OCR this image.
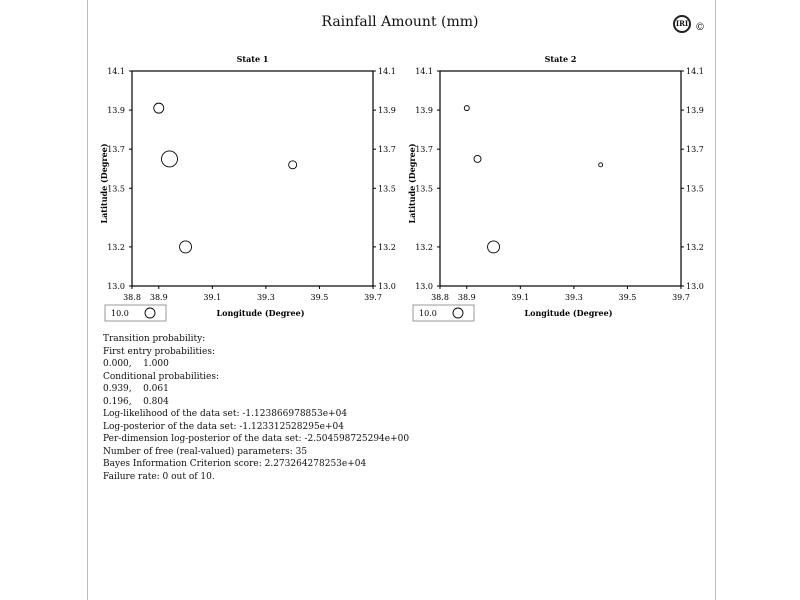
Rainfall Amount (mm)	IRI ©
State 1
13.0	13.0
13.2	13.2
13.5	13.5
13.7	13.7
13.9	13.9
14.1	14.1
38.8 38.9	39.1	39.3	39.5	39.7
Longitude (Degree)
Latitude (Degree)
10.0
State 2
13.0	13.0
13.2	13.2
13.5	13.5
13.7	13.7
13.9	13.9
14.1	14.1
38.8 38.9	39.1	39.3	39.5	39.7
Longitude (Degree)
Latitude (Degree)
10.0
Transition probability:
First entry probabilities:
0.000,    1.000
Conditional probabilities:
0.939,    0.061
0.196,    0.804
Log-likelihood of the data set: -1.123866978853e+04
Log-posterior of the data set: -1.123312528295e+04
Per-dimension log-posterior of the data set: -2.504598725294e+00
Number of free (real-valued) parameters: 35
Bayes Information Criterion score: 2.273264278253e+04
Failure rate: 0 out of 10.
